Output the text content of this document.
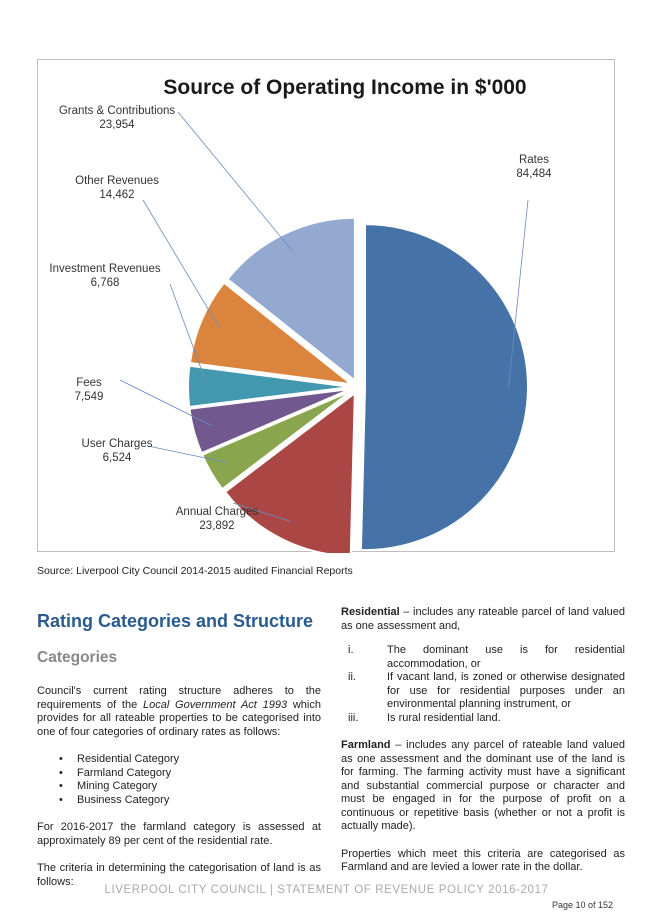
Source of Operating Income in $'000
Rates
84,484
Annual Charges
23,892
User Charges
6,524
Fees
7,549
Investment Revenues
6,768
Other Revenues
14,462
Grants & Contributions
23,954
Source: Liverpool City Council 2014-2015 audited Financial Reports
Rating Categories and Structure
Categories
Council's current rating structure adheres to the requirements of the Local Government Act 1993 which provides for all rateable properties to be categorised into one of four categories of ordinary rates as follows:
• Residential Category
• Farmland Category
• Mining Category
• Business Category
For 2016-2017 the farmland category is assessed at approximately 89 per cent of the residential rate.
The criteria in determining the categorisation of land is as follows:
Residential – includes any rateable parcel of land valued as one assessment and,
i.	The dominant use is for residential accommodation, or
ii.	If vacant land, is zoned or otherwise designated for use for residential purposes under an environmental planning instrument, or
iii.	Is rural residential land.
Farmland – includes any parcel of rateable land valued as one assessment and the dominant use of the land is for farming. The farming activity must have a significant and substantial commercial purpose or character and must be engaged in for the purpose of profit on a continuous or repetitive basis (whether or not a profit is actually made).
Properties which meet this criteria are categorised as Farmland and are levied a lower rate in the dollar.
LIVERPOOL CITY COUNCIL | STATEMENT OF REVENUE POLICY 2016-2017
Page 10 of 152
